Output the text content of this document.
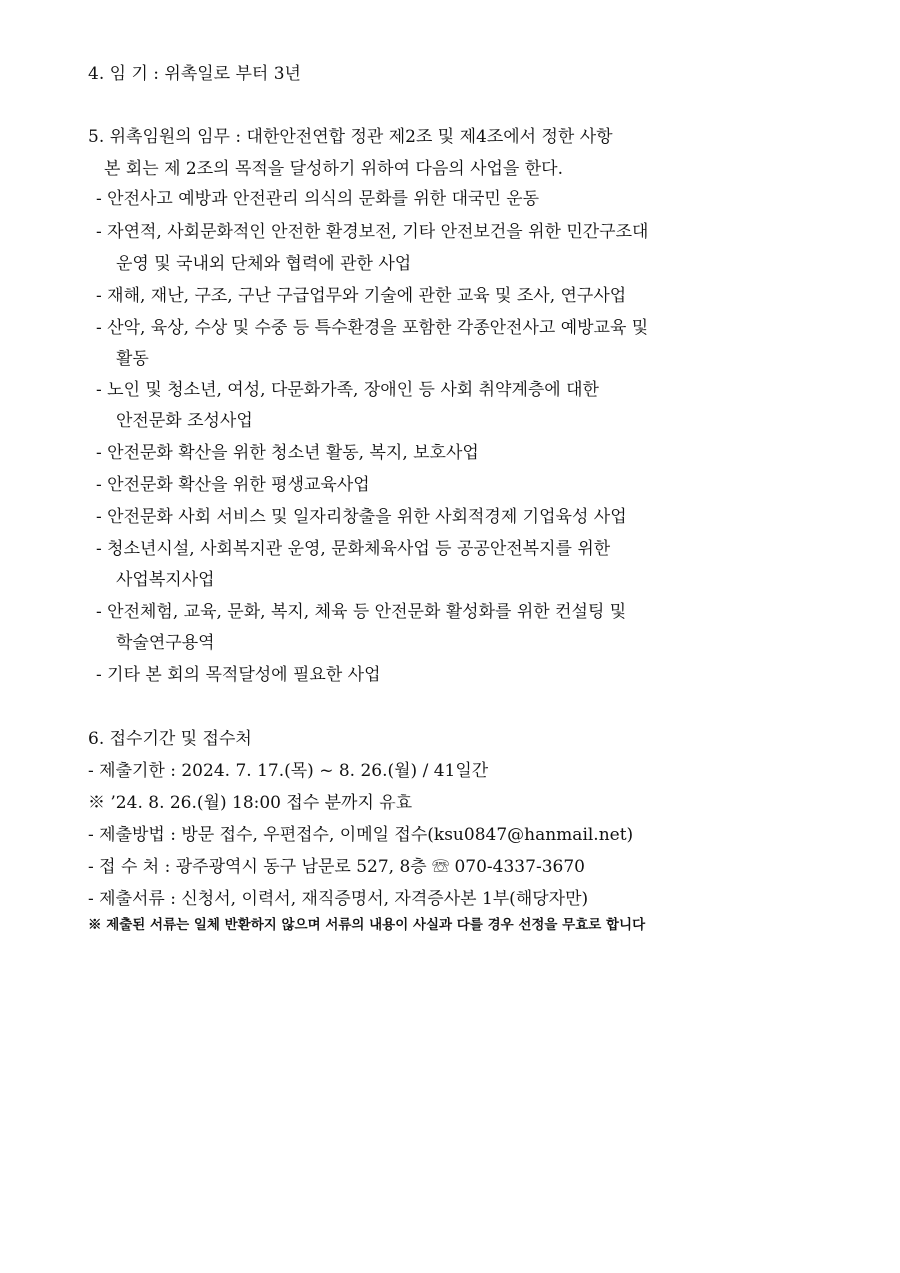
4. 임 기 : 위촉일로 부터 3년
5. 위촉임원의 임무 : 대한안전연합 정관 제2조 및 제4조에서 정한 사항
본 회는 제 2조의 목적을 달성하기 위하여 다음의 사업을 한다.
- 안전사고 예방과 안전관리 의식의 문화를 위한 대국민 운동
- 자연적, 사회문화적인 안전한 환경보전, 기타 안전보건을 위한 민간구조대
운영 및 국내외 단체와 협력에 관한 사업
- 재해, 재난, 구조, 구난 구급업무와 기술에 관한 교육 및 조사, 연구사업
- 산악, 육상, 수상 및 수중 등 특수환경을 포함한 각종안전사고 예방교육 및
활동
- 노인 및 청소년, 여성, 다문화가족, 장애인 등 사회 취약계층에 대한
안전문화 조성사업
- 안전문화 확산을 위한 청소년 활동, 복지, 보호사업
- 안전문화 확산을 위한 평생교육사업
- 안전문화 사회 서비스 및 일자리창출을 위한 사회적경제 기업육성 사업
- 청소년시설, 사회복지관 운영, 문화체육사업 등 공공안전복지를 위한
사업복지사업
- 안전체험, 교육, 문화, 복지, 체육 등 안전문화 활성화를 위한 컨설팅 및
학술연구용역
- 기타 본 회의 목적달성에 필요한 사업
6. 접수기간 및 접수처
- 제출기한 : 2024. 7. 17.(목) ~ 8. 26.(월) / 41일간
※ ’24. 8. 26.(월) 18:00 접수 분까지 유효
- 제출방법 : 방문 접수, 우편접수, 이메일 접수(ksu0847@hanmail.net)
- 접 수 처 : 광주광역시 동구 남문로 527, 8층 ☏ 070-4337-3670
- 제출서류 : 신청서, 이력서, 재직증명서, 자격증사본 1부(해당자만)
※ 제출된 서류는 일체 반환하지 않으며 서류의 내용이 사실과 다를 경우 선정을 무효로 합니다
